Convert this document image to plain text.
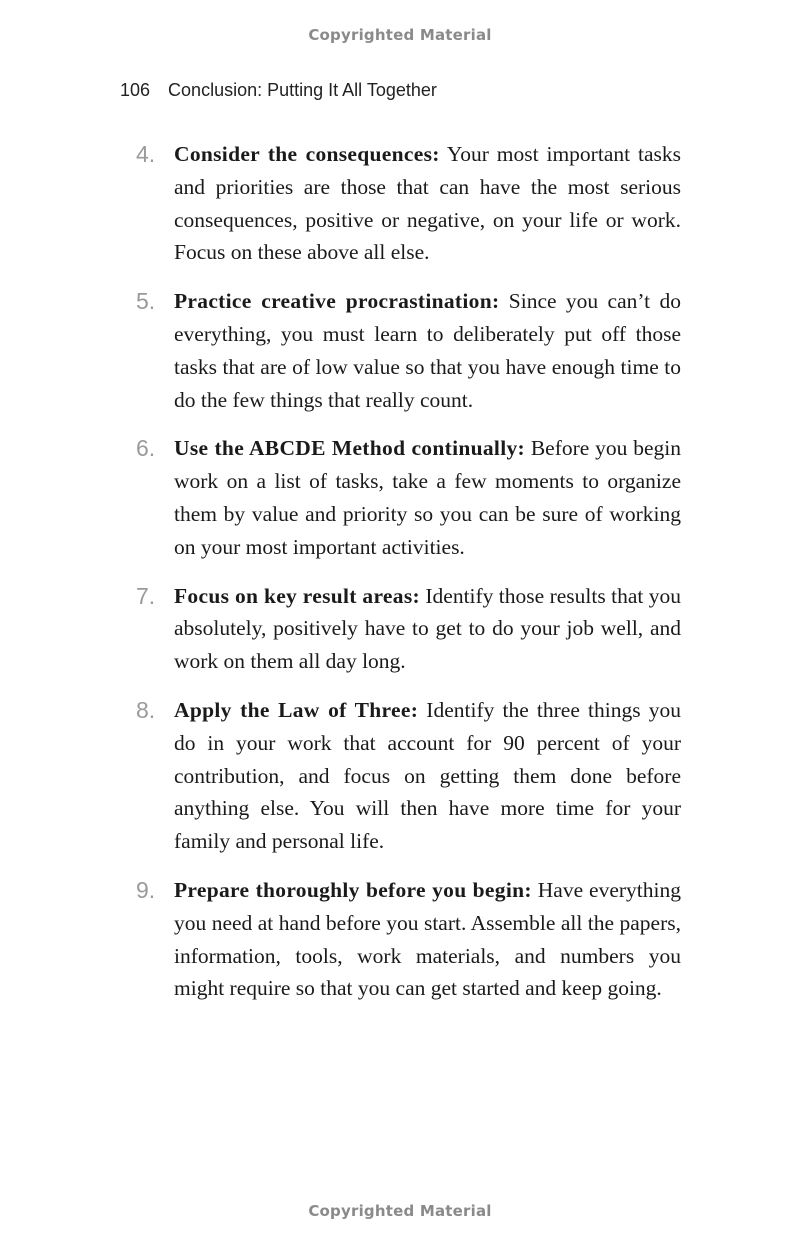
Copyrighted Material
106 Conclusion: Putting It All Together
4. Consider the consequences: Your most important tasks and priorities are those that can have the most serious consequences, positive or negative, on your life or work. Focus on these above all else.
5. Practice creative procrastination: Since you can’t do everything, you must learn to deliberately put off those tasks that are of low value so that you have enough time to do the few things that really count.
6. Use the ABCDE Method continually: Before you begin work on a list of tasks, take a few moments to organize them by value and priority so you can be sure of working on your most important activities.
7. Focus on key result areas: Identify those results that you absolutely, positively have to get to do your job well, and work on them all day long.
8. Apply the Law of Three: Identify the three things you do in your work that account for 90 percent of your contribution, and focus on getting them done before anything else. You will then have more time for your family and personal life.
9. Prepare thoroughly before you begin: Have everything you need at hand before you start. Assemble all the papers, information, tools, work materials, and numbers you might require so that you can get started and keep going.
Copyrighted Material
